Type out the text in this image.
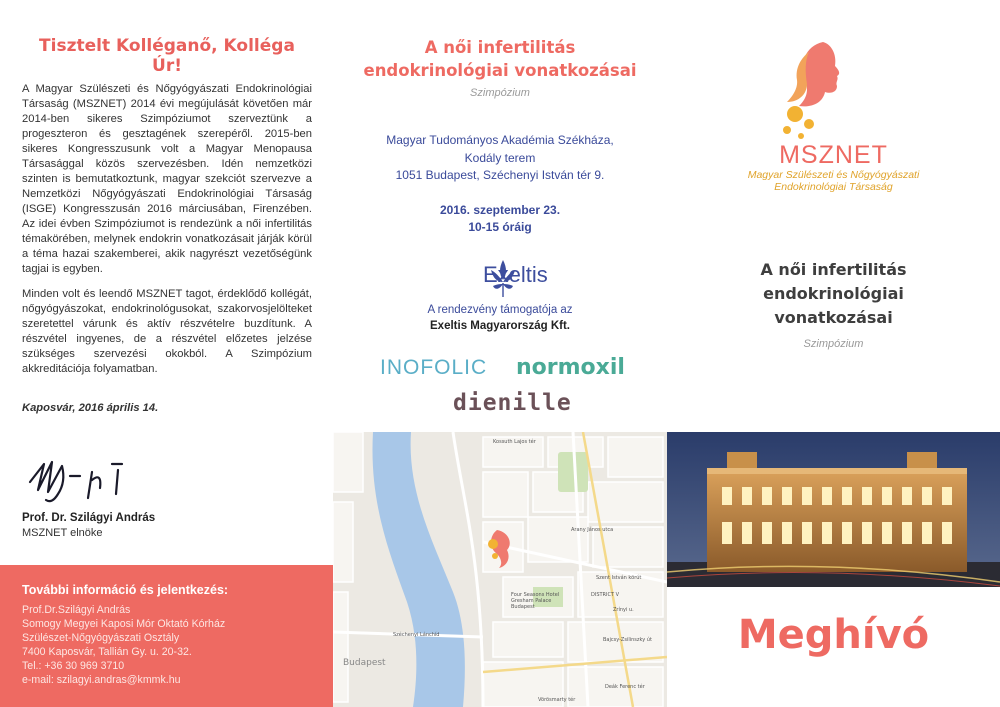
Tisztelt Kolléganő, Kolléga Úr!

A Magyar Szülészeti és Nőgyógyászati Endokrinológiai Társaság (MSZNET) 2014 évi megújulását követően már 2014-ben sikeres Szimpóziumot szerveztünk a progeszteron és gesztagének szerepéről. 2015-ben sikeres Kongresszusunk volt a Magyar Menopausa Társasággal közös szervezésben. Idén nemzetközi szinten is bemutatkoztunk, magyar szekciót szervezve a Nemzetközi Nőgyógyászati Endokrinológiai Társaság (ISGE) Kongresszusán 2016 márciusában, Firenzében. Az idei évben Szimpóziumot is rendezünk a női infertilitás témakörében, melynek endokrin vonatkozásait járják körül a téma hazai szakemberei, akik nagyrészt vezetőségünk tagjai is egyben.

Minden volt és leendő MSZNET tagot, érdeklődő kollégát, nőgyógyászokat, endokrinológusokat, szakorvosjelölteket szeretettel várunk és aktív részvételre buzdítunk. A részvétel ingyenes, de a részvétel előzetes jelzése szükséges szervezési okokból. A Szimpózium akkreditációja folyamatban.

Kaposvár, 2016 április 14.
Prof. Dr. Szilágyi András
MSZNET elnöke
További információ és jelentkezés:
Prof.Dr.Szilágyi András
Somogy Megyei Kaposi Mór Oktató Kórház
Szülészet-Nőgyógyászati Osztály
7400 Kaposvár, Tallián Gy. u. 20-32.
Tel.: +36 30 969 3710
e-mail: szilagyi.andras@kmmk.hu
A női infertilitás
endokrinológiai vonatkozásai
Szimpózium
Magyar Tudományos Akadémia Székháza,
Kodály terem
1051 Budapest, Széchenyi István tér 9.
2016. szeptember 23.
10-15 óráig
Exeltis
A rendezvény támogatója az
Exeltis Magyarország Kft.
INOFOLIC normoxil
dienille
MSZNET
Magyar Szülészeti és Nőgyógyászati
Endokrinológiai Társaság
A női infertilitás
endokrinológiai
vonatkozásai
Szimpózium
Kossuth Lajos tér
Arany János utca
Szent István körút
Four Seasons Hotel Gresham Palace Budapest
DISTRICT V
Széchenyi Lánchíd
Budapest
Zrínyi u.
Bajcsy-Zsilinszky út
Vörösmarty tér
Deák Ferenc tér
Meghívó
